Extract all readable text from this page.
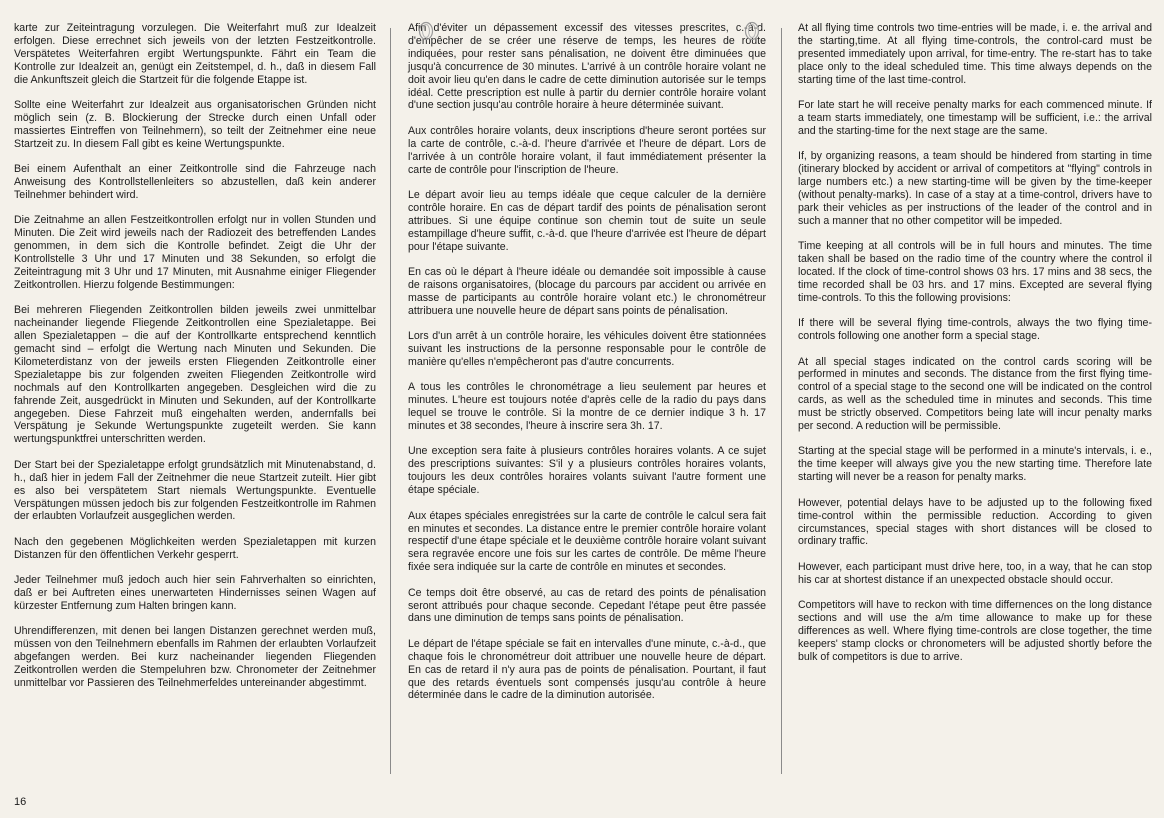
karte zur Zeiteintragung vorzulegen. Die Weiterfahrt muß zur Idealzeit erfolgen. Diese errechnet sich jeweils von der letzten Festzeitkontrolle. Verspätetes Weiterfahren ergibt Wertungspunkte. Fährt ein Team die Kontrolle zur Idealzeit an, genügt ein Zeitstempel, d. h., daß in diesem Fall die Ankunftszeit gleich die Startzeit für die folgende Etappe ist.

Sollte eine Weiterfahrt zur Idealzeit aus organisatorischen Gründen nicht möglich sein (z. B. Blockierung der Strecke durch einen Unfall oder massiertes Eintreffen von Teilnehmern), so teilt der Zeitnehmer eine neue Startzeit zu. In diesem Fall gibt es keine Wertungspunkte.

Bei einem Aufenthalt an einer Zeitkontrolle sind die Fahrzeuge nach Anweisung des Kontrollstellenleiters so abzustellen, daß kein anderer Teilnehmer behindert wird.

Die Zeitnahme an allen Festzeitkontrollen erfolgt nur in vollen Stunden und Minuten. Die Zeit wird jeweils nach der Radiozeit des betreffenden Landes genommen, in dem sich die Kontrolle befindet. Zeigt die Uhr der Kontrollstelle 3 Uhr und 17 Minuten und 38 Sekunden, so erfolgt die Zeiteintragung mit 3 Uhr und 17 Minuten, mit Ausnahme einiger Fliegender Zeitkontrollen. Hierzu folgende Bestimmungen:

Bei mehreren Fliegenden Zeitkontrollen bilden jeweils zwei unmittelbar nacheinander liegende Fliegende Zeitkontrollen eine Spezialetappe. Bei allen Spezialetappen – die auf der Kontrollkarte entsprechend kenntlich gemacht sind – erfolgt die Wertung nach Minuten und Sekunden. Die Kilometerdistanz von der jeweils ersten Fliegenden Zeitkontrolle einer Spezialetappe bis zur folgenden zweiten Fliegenden Zeitkontrolle wird nochmals auf den Kontrollkarten angegeben. Desgleichen wird die zu fahrende Zeit, ausgedrückt in Minuten und Sekunden, auf der Kontrollkarte angegeben. Diese Fahrzeit muß eingehalten werden, andernfalls bei Verspätung je Sekunde Wertungspunkte zugeteilt werden. Sie kann wertungspunktfrei unterschritten werden.

Der Start bei der Spezialetappe erfolgt grundsätzlich mit Minutenabstand, d. h., daß hier in jedem Fall der Zeitnehmer die neue Startzeit zuteilt. Hier gibt es also bei verspätetem Start niemals Wertungspunkte. Eventuelle Verspätungen müssen jedoch bis zur folgenden Festzeitkontrolle im Rahmen der erlaubten Vorlaufzeit ausgeglichen werden.

Nach den gegebenen Möglichkeiten werden Spezialetappen mit kurzen Distanzen für den öffentlichen Verkehr gesperrt.

Jeder Teilnehmer muß jedoch auch hier sein Fahrverhalten so einrichten, daß er bei Auftreten eines unerwarteten Hindernisses seinen Wagen auf kürzester Entfernung zum Halten bringen kann.

Uhrendifferenzen, mit denen bei langen Distanzen gerechnet werden muß, müssen von den Teilnehmern ebenfalls im Rahmen der erlaubten Vorlaufzeit abgefangen werden. Bei kurz nacheinander liegenden Fliegenden Zeitkontrollen werden die Stempeluhren bzw. Chronometer der Zeitnehmer unmittelbar vor Passieren des Teilnehmerfeldes untereinander abgestimmt.

Afin d'éviter un dépassement excessif des vitesses prescrites, c.-à-d. d'empêcher de se créer une réserve de temps, les heures de route indiquées, pour rester sans pénalisation, ne doivent être diminuées que jusqu'à concurrence de 30 minutes. L'arrivé à un contrôle horaire volant ne doit avoir lieu qu'en dans le cadre de cette diminution autorisée sur le temps idéal. Cette prescription est nulle à partir du dernier contrôle horaire volant d'une section jusqu'au contrôle horaire à heure déterminée suivant.

Aux contrôles horaire volants, deux inscriptions d'heure seront portées sur la carte de contrôle, c.-à-d. l'heure d'arrivée et l'heure de départ. Lors de l'arrivée à un contrôle horaire volant, il faut immédiatement présenter la carte de contrôle pour l'inscription de l'heure.

Le départ avoir lieu au temps idéale que ceque calculer de la dernière contrôle horaire. En cas de départ tardif des points de pénalisation seront attribues. Si une équipe continue son chemin tout de suite un seule estampillage d'heure suffit, c.-à-d. que l'heure d'arrivée est l'heure de départ pour l'étape suivante.

En cas où le départ à l'heure idéale ou demandée soit impossible à cause de raisons organisatoires, (blocage du parcours par accident ou arrivée en masse de participants au contrôle horaire volant etc.) le chronométreur attribuera une nouvelle heure de départ sans points de pénalisation.

Lors d'un arrêt à un contrôle horaire, les véhicules doivent être stationnées suivant les instructions de la personne responsable pour le contrôle de manière qu'elles n'empêcheront pas d'autre concurrents.

A tous les contrôles le chronométrage a lieu seulement par heures et minutes. L'heure est toujours notée d'après celle de la radio du pays dans lequel se trouve le contrôle. Si la montre de ce dernier indique 3 h. 17 minutes et 38 secondes, l'heure à inscrire sera 3h. 17.

Une exception sera faite à plusieurs contrôles horaires volants. A ce sujet des prescriptions suivantes: S'il y a plusieurs contrôles horaires volants, toujours les deux contrôles horaires volants suivant l'autre forment une étape spéciale.

Aux étapes spéciales enregistrées sur la carte de contrôle le calcul sera fait en minutes et secondes. La distance entre le premier contrôle horaire volant respectif d'une étape spéciale et le deuxième contrôle horaire volant suivant sera regravée encore une fois sur les cartes de contrôle. De même l'heure fixée sera indiquée sur la carte de contrôle en minutes et secondes.

Ce temps doit être observé, au cas de retard des points de pénalisation seront attribués pour chaque seconde. Cepedant l'étape peut être passée dans une diminution de temps sans points de pénalisation.

Le départ de l'étape spéciale se fait en intervalles d'une minute, c.-à-d., que chaque fois le chronométreur doit attribuer une nouvelle heure de départ. En cas de retard il n'y aura pas de points de pénalisation. Pourtant, il faut que des retards éventuels sont compensés jusqu'au contrôle à heure déterminée dans le cadre de la diminution autorisée.

At all flying time controls two time-entries will be made, i. e. the arrival and the starting,time. At all flying time-controls, the control-card must be presented immediately upon arrival, for time-entry. The re-start has to take place only to the ideal scheduled time. This time always depends on the starting time of the last time-control.

For late start he will receive penalty marks for each commenced minute. If a team starts immediately, one timestamp will be sufficient, i.e.: the arrival and the starting-time for the next stage are the same.

If, by organizing reasons, a team should be hindered from starting in time (itinerary blocked by accident or arrival of competitors at "flying" controls in large numbers etc.) a new starting-time will be given by the time-keeper (without penalty-marks). In case of a stay at a time-control, drivers have to park their vehicles as per instructions of the leader of the control and in such a manner that no other competitor will be impeded.

Time keeping at all controls will be in full hours and minutes. The time taken shall be based on the radio time of the country where the control il located. If the clock of time-control shows 03 hrs. 17 mins and 38 secs, the time recorded shall be 03 hrs. and 17 mins. Excepted are several flying time-controls. To this the following provisions:

If there will be several flying time-controls, always the two flying time-controls following one another form a special stage.

At all special stages indicated on the control cards scoring will be performed in minutes and seconds. The distance from the first flying time-control of a special stage to the second one will be indicated on the control cards, as well as the scheduled time in minutes and seconds. This time must be strictly observed. Competitors being late will incur penalty marks per second. A reduction will be permissible.

Starting at the special stage will be performed in a minute's intervals, i. e., the time keeper will always give you the new starting time. Therefore late starting will never be a reason for penalty marks.

However, potential delays have to be adjusted up to the following fixed time-control within the permissible reduction. According to given circumstances, special stages with short distances will be closed to ordinary traffic.

However, each participant must drive here, too, in a way, that he can stop his car at shortest distance if an unexpected obstacle should occur.

Competitors will have to reckon with time differnences on the long distance sections and will use the a/m time allowance to make up for these differences as well. Where flying time-controls are close together, the time keepers' stamp clocks or chronometers will be adjusted shortly before the bulk of competitors is due to arrive.

16
